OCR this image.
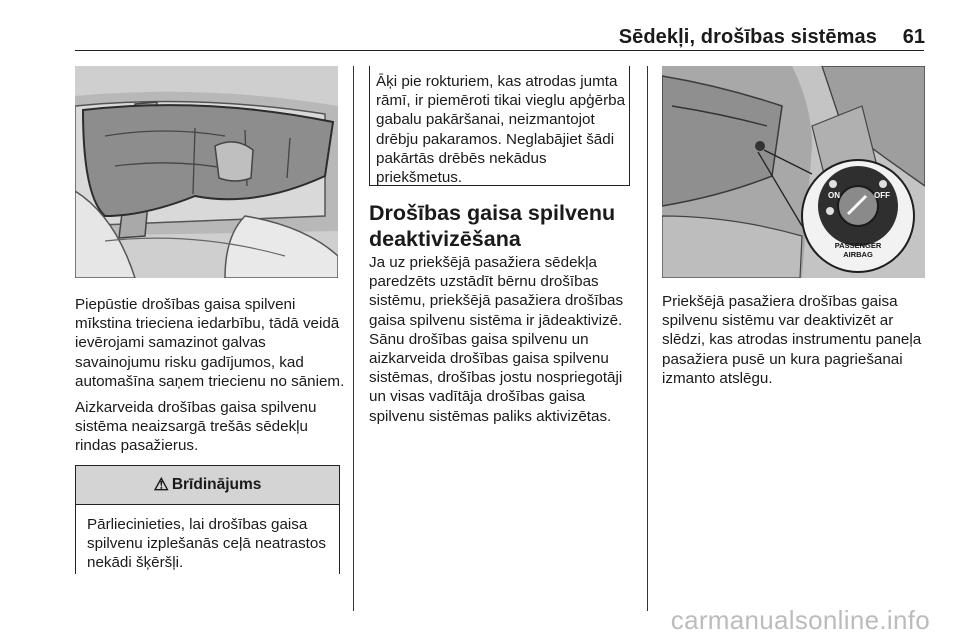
Sēdekļi, drošības sistēmas 61

Piepūstie drošības gaisa spilveni mīkstina trieciena iedarbību, tādā veidā ievērojami samazinot galvas savainojumu risku gadījumos, kad automašīna saņem triecienu no sāniem.

Aizkarveida drošības gaisa spilvenu sistēma neaizsargā trešās sēdekļu rindas pasažierus.

⚠ Brīdinājums
Pārliecinieties, lai drošības gaisa spilvenu izplešanās ceļā neatrastos nekādi šķēršļi.
Āķi pie rokturiem, kas atrodas jumta rāmī, ir piemēroti tikai vieglu apģērba gabalu pakāršanai, neizmantojot drēbju pakaramos. Neglabājiet šādi pakārtās drēbēs nekādus priekšmetus.
Drošības gaisa spilvenu deaktivizēšana

Ja uz priekšējā pasažiera sēdekļa paredzēts uzstādīt bērnu drošības sistēmu, priekšējā pasažiera drošības gaisa spilvenu sistēma ir jādeaktivizē. Sānu drošības gaisa spilvenu un aizkarveida drošības gaisa spilvenu sistēmas, drošības jostu nospriegotāji un visas vadītāja drošības gaisa spilvenu sistēmas paliks aktivizētas.

ON	OFF
PASSENGER
AIRBAG

Priekšējā pasažiera drošības gaisa spilvenu sistēmu var deaktivizēt ar slēdzi, kas atrodas instrumentu paneļa pasažiera pusē un kura pagriešanai izmanto atslēgu.

carmanualsonline.info
